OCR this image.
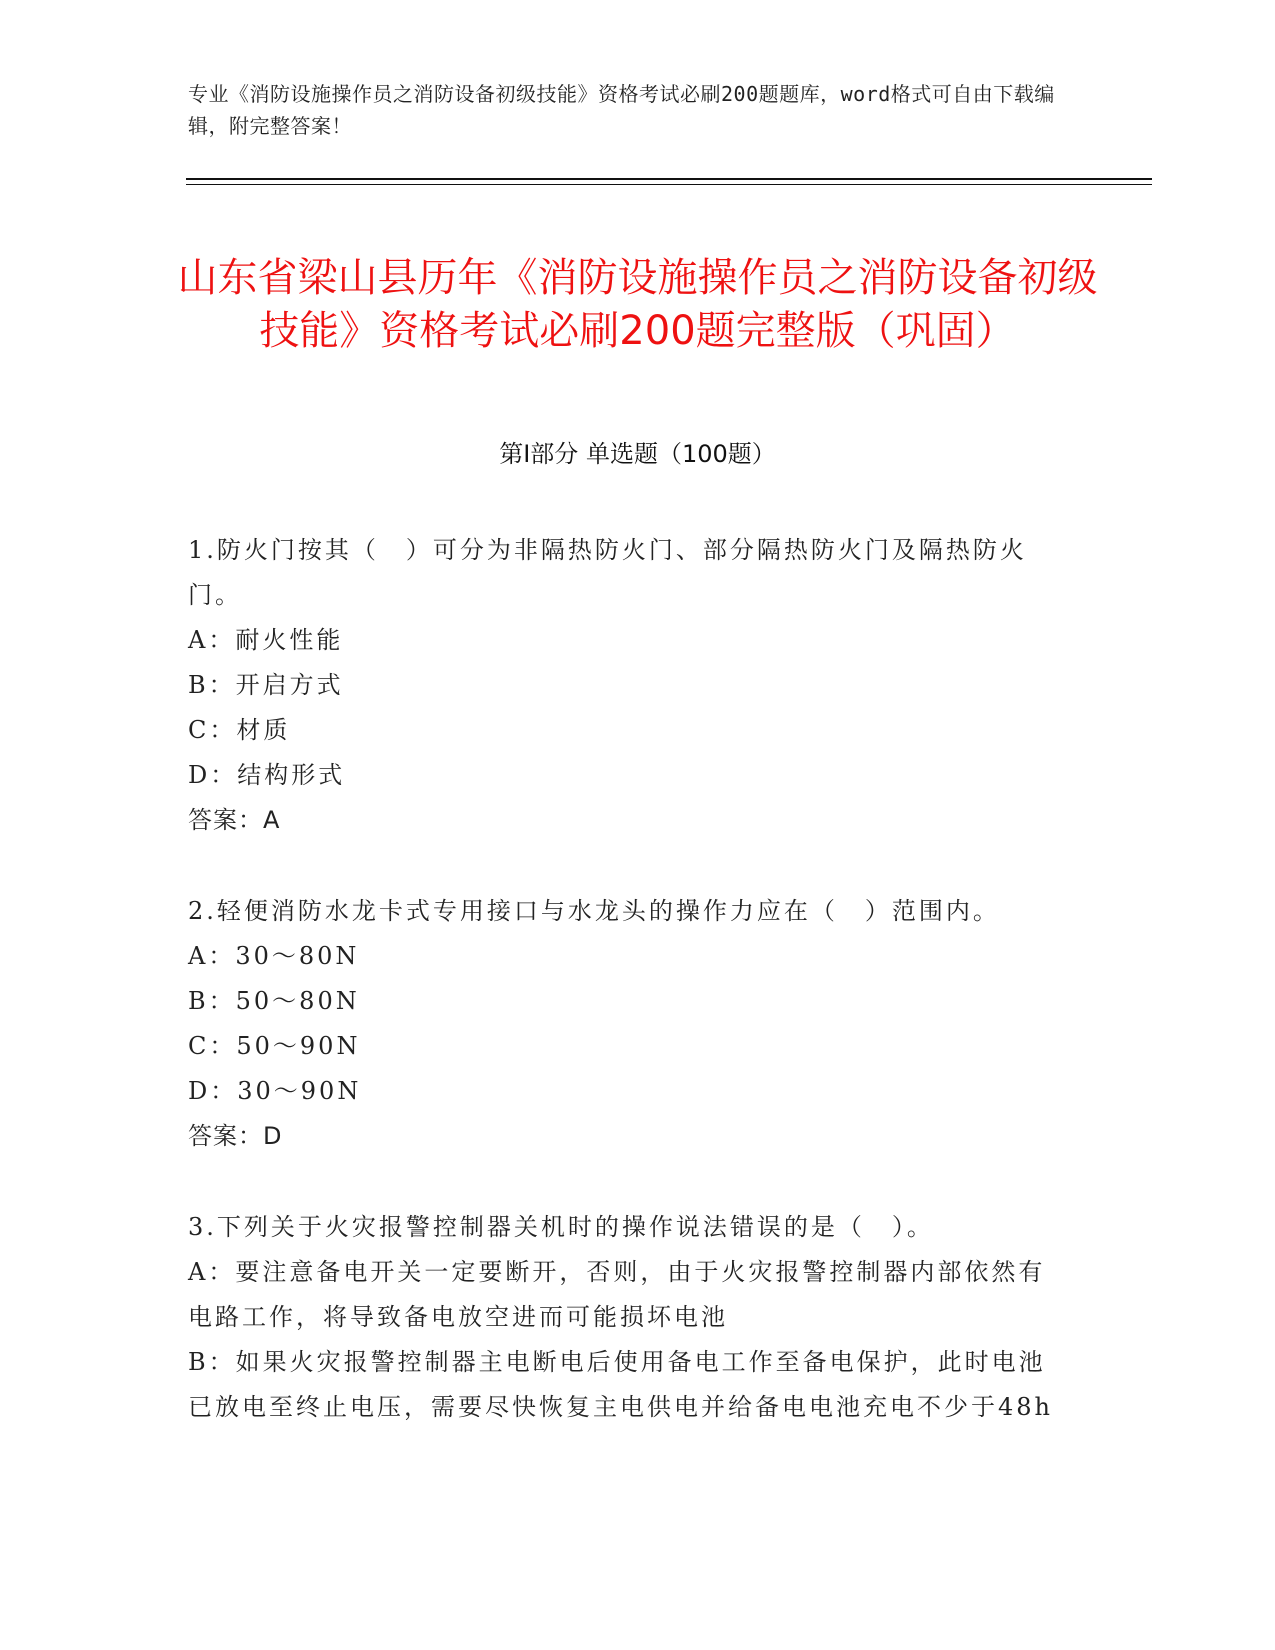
专业《消防设施操作员之消防设备初级技能》资格考试必刷200题题库，word格式可自由下载编辑，附完整答案！
山东省梁山县历年《消防设施操作员之消防设备初级技能》资格考试必刷200题完整版（巩固）
第Ⅰ部分 单选题（100题）

1.防火门按其（　）可分为非隔热防火门、部分隔热防火门及隔热防火门。

A：耐火性能

B：开启方式

C：材质

D：结构形式

答案：A

2.轻便消防水龙卡式专用接口与水龙头的操作力应在（　）范围内。

A：30～80N

B：50～80N

C：50～90N

D：30～90N

答案：D

3.下列关于火灾报警控制器关机时的操作说法错误的是（　）。

A：要注意备电开关一定要断开，否则，由于火灾报警控制器内部依然有电路工作，将导致备电放空进而可能损坏电池

B：如果火灾报警控制器主电断电后使用备电工作至备电保护，此时电池已放电至终止电压，需要尽快恢复主电供电并给备电电池充电不少于48h
